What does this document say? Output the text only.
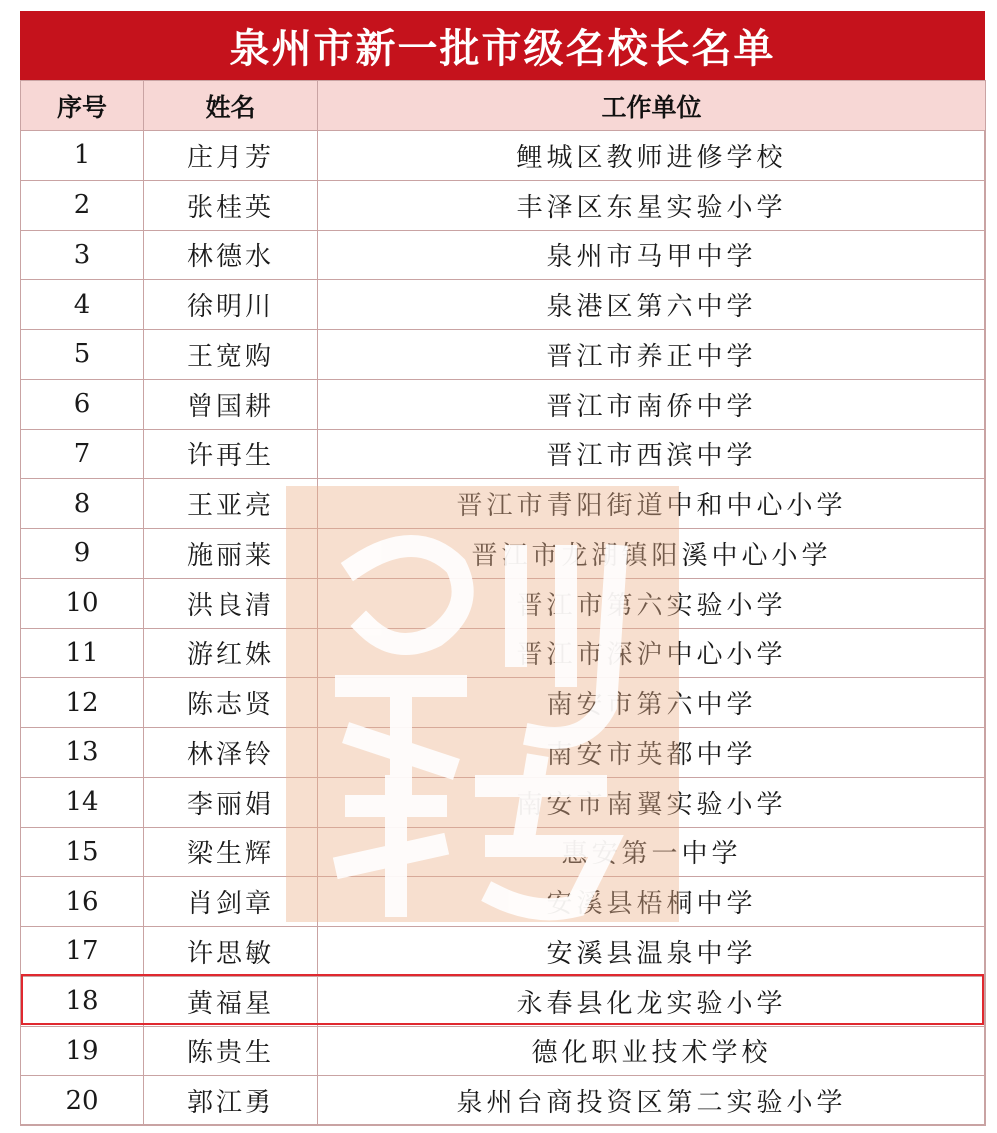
泉州市新一批市级名校长名单
序号	姓名	工作单位
1	庄月芳	鲤城区教师进修学校
2	张桂英	丰泽区东星实验小学
3	林德水	泉州市马甲中学
4	徐明川	泉港区第六中学
5	王宽购	晋江市养正中学
6	曾国耕	晋江市南侨中学
7	许再生	晋江市西滨中学
8	王亚亮	晋江市青阳街道中和中心小学
9	施丽莱	晋江市龙湖镇阳溪中心小学
10	洪良清	晋江市第六实验小学
11	游红姝	晋江市深沪中心小学
12	陈志贤	南安市第六中学
13	林泽铃	南安市英都中学
14	李丽娟	南安市南翼实验小学
15	梁生辉	惠安第一中学
16	肖剑章	安溪县梧桐中学
17	许思敏	安溪县温泉中学
18	黄福星	永春县化龙实验小学
19	陈贵生	德化职业技术学校
20	郭江勇	泉州台商投资区第二实验小学
